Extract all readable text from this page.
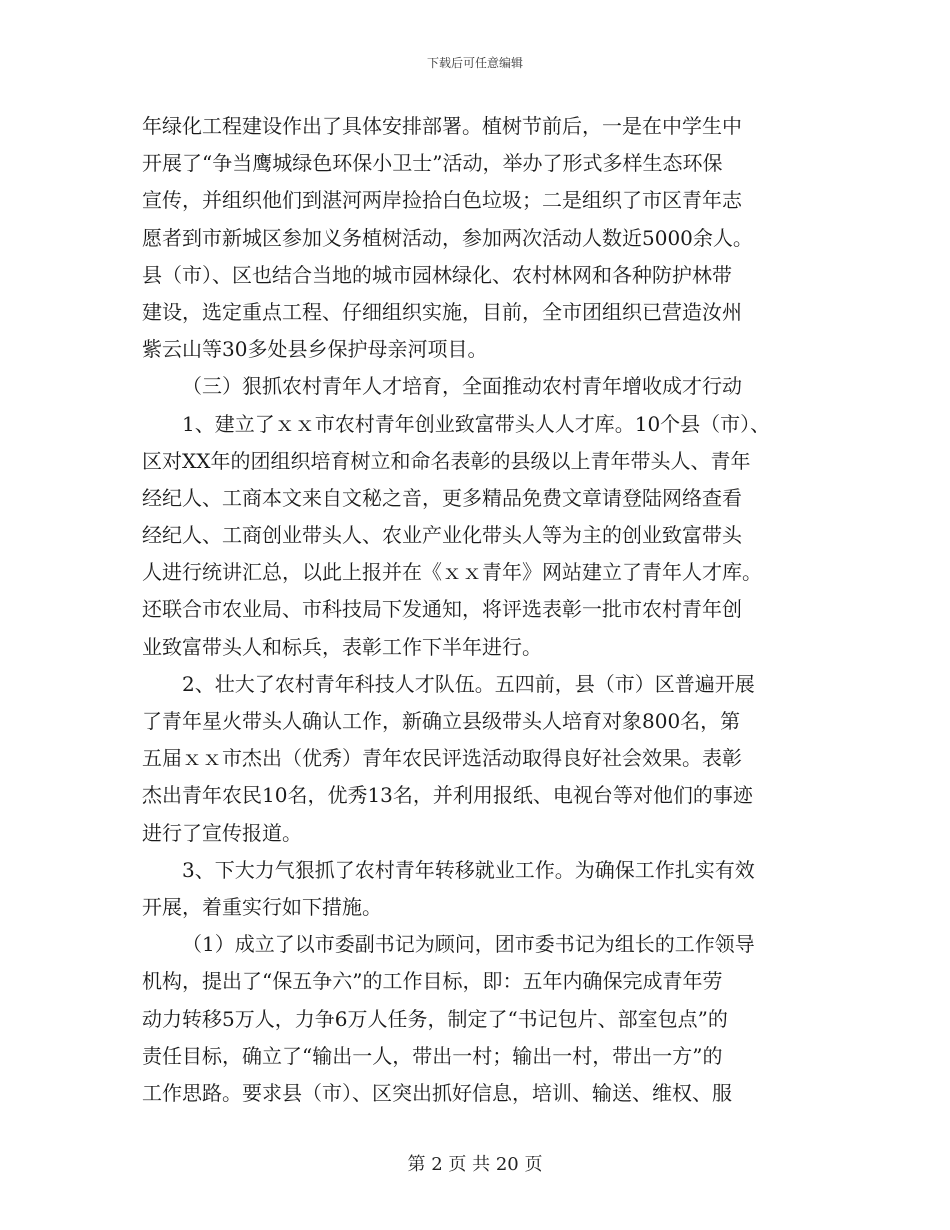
下载后可任意编辑
年绿化工程建设作出了具体安排部署。植树节前后，一是在中学生中
开展了“争当鹰城绿色环保小卫士”活动，举办了形式多样生态环保
宣传，并组织他们到湛河两岸捡拾白色垃圾；二是组织了市区青年志
愿者到市新城区参加义务植树活动，参加两次活动人数近5000余人。
县（市）、区也结合当地的城市园林绿化、农村林网和各种防护林带
建设，选定重点工程、仔细组织实施，目前，全市团组织已营造汝州
紫云山等30多处县乡保护母亲河项目。
（三）狠抓农村青年人才培育，全面推动农村青年增收成才行动
1、建立了ｘｘ市农村青年创业致富带头人人才库。10个县（市）、
区对XX年的团组织培育树立和命名表彰的县级以上青年带头人、青年
经纪人、工商本文来自文秘之音，更多精品免费文章请登陆网络查看
经纪人、工商创业带头人、农业产业化带头人等为主的创业致富带头
人进行统讲汇总，以此上报并在《ｘｘ青年》网站建立了青年人才库。
还联合市农业局、市科技局下发通知，将评选表彰一批市农村青年创
业致富带头人和标兵，表彰工作下半年进行。
2、壮大了农村青年科技人才队伍。五四前，县（市）区普遍开展
了青年星火带头人确认工作，新确立县级带头人培育对象800名，第
五届ｘｘ市杰出（优秀）青年农民评选活动取得良好社会效果。表彰
杰出青年农民10名，优秀13名，并利用报纸、电视台等对他们的事迹
进行了宣传报道。
3、下大力气狠抓了农村青年转移就业工作。为确保工作扎实有效
开展，着重实行如下措施。
（1）成立了以市委副书记为顾问，团市委书记为组长的工作领导
机构，提出了“保五争六”的工作目标，即：五年内确保完成青年劳
动力转移5万人，力争6万人任务，制定了“书记包片、部室包点”的
责任目标，确立了“输出一人，带出一村；输出一村，带出一方”的
工作思路。要求县（市）、区突出抓好信息，培训、输送、维权、服
第 2 页 共 20 页
